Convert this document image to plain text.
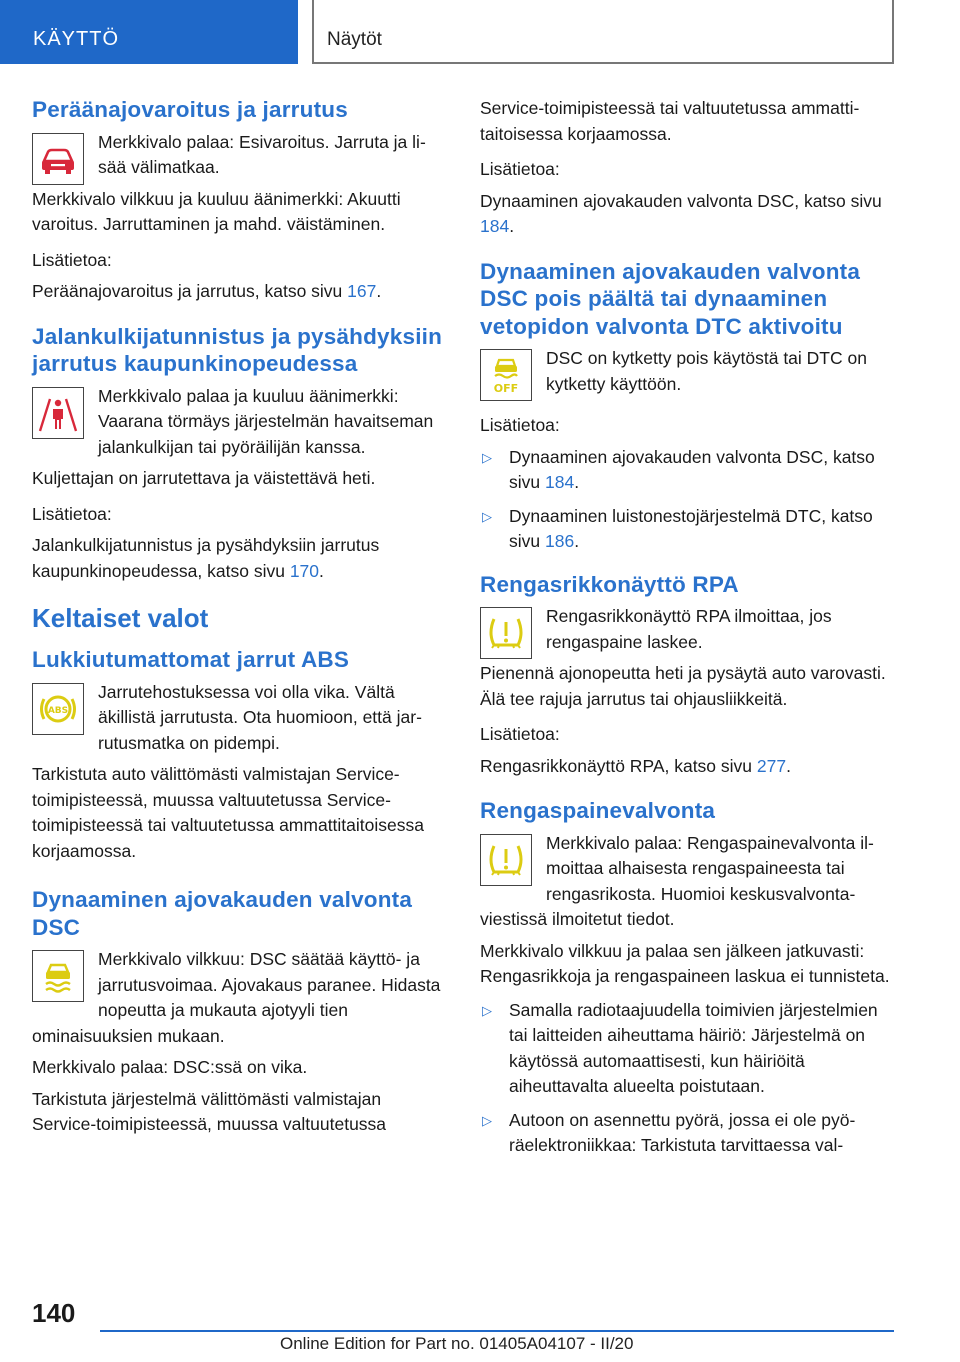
KÄYTTÖ	Näytöt
Peräänajovaroitus ja jarrutus

Merkkivalo palaa: Esivaroitus. Jarruta ja lisää välimatkaa.

Merkkivalo vilkkuu ja kuuluu äänimerkki: Akuutti varoitus. Jarruttaminen ja mahd. väistäminen.

Lisätietoa:

Peräänajovaroitus ja jarrutus, katso sivu 167.

Jalankulkijatunnistus ja pysähdyksiin jarrutus kaupunkinopeudessa

Merkkivalo palaa ja kuuluu äänimerkki: Vaarana törmäys järjestelmän havaitseman jalankulkijan tai pyöräilijän kanssa.

Kuljettajan on jarrutettava ja väistettävä heti.

Lisätietoa:

Jalankulkijatunnistus ja pysähdyksiin jarrutus kaupunkinopeudessa, katso sivu 170.

Keltaiset valot
Lukkiutumattomat jarrut ABS
ABS

Jarrutehostuksessa voi olla vika. Vältä äkillistä jarrutusta. Ota huomioon, että jarrutusmatka on pidempi.

Tarkistuta auto välittömästi valmistajan Service-toimipisteessä, muussa valtuutetussa Service-toimipisteessä tai valtuutetussa ammattitaitoisessa korjaamossa.

Dynaaminen ajovakauden valvonta DSC

Merkkivalo vilkkuu: DSC säätää käyttö- ja jarrutusvoimaa. Ajovakaus paranee. Hidasta nopeutta ja mukauta ajotyyli tien ominaisuuksien mukaan.

Merkkivalo palaa: DSC:ssä on vika.

Tarkistuta järjestelmä välittömästi valmistajan Service-toimipisteessä, muussa valtuutetussa

Service-toimipisteessä tai valtuutetussa ammattitaitoisessa korjaamossa.

Lisätietoa:

Dynaaminen ajovakauden valvonta DSC, katso sivu 184.

Dynaaminen ajovakauden valvonta DSC pois päältä tai dynaaminen vetopidon valvonta DTC aktivoitu
OFF

DSC on kytketty pois käytöstä tai DTC on kytketty käyttöön.

Lisätietoa:

▷ Dynaaminen ajovakauden valvonta DSC, katso sivu 184.
▷ Dynaaminen luistonestojärjestelmä DTC, katso sivu 186.
Rengasrikkonäyttö RPA

Rengasrikkonäyttö RPA ilmoittaa, jos rengaspaine laskee.

Pienennä ajonopeutta heti ja pysäytä auto varovasti. Älä tee rajuja jarrutus tai ohjausliikkeitä.

Lisätietoa:

Rengasrikkonäyttö RPA, katso sivu 277.

Rengaspainevalvonta

Merkkivalo palaa: Rengaspainevalvonta ilmoittaa alhaisesta rengaspaineesta tai rengasrikosta. Huomioi keskusvalvonta-viestissä ilmoitetut tiedot.

Merkkivalo vilkkuu ja palaa sen jälkeen jatkuvasti: Rengasrikkoja ja rengaspaineen laskua ei tunnisteta.

▷ Samalla radiotaajuudella toimivien järjestelmien tai laitteiden aiheuttama häiriö: Järjestelmä on käytössä automaattisesti, kun häiriöitä aiheuttavalta alueelta poistutaan.
▷ Autoon on asennettu pyörä, jossa ei ole pyöräelektroniikkaa: Tarkistuta tarvittaessa val-
140
Online Edition for Part no. 01405A04107 - II/20
